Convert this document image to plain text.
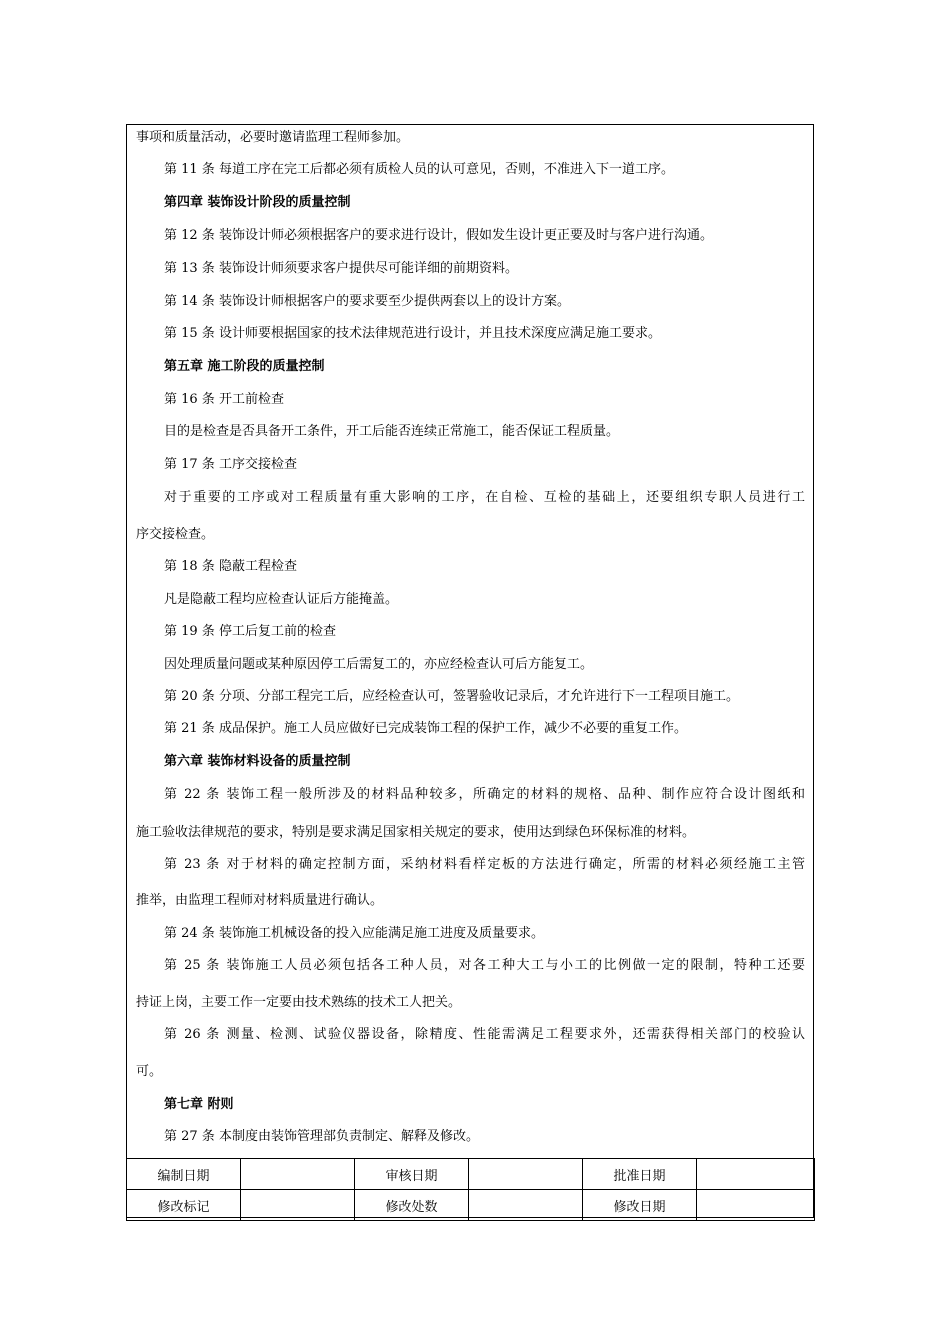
事项和质量活动，必要时邀请监理工程师参加。
第 11 条 每道工序在完工后都必须有质检人员的认可意见，否则，不准进入下一道工序。
第四章 装饰设计阶段的质量控制
第 12 条 装饰设计师必须根据客户的要求进行设计，假如发生设计更正要及时与客户进行沟通。
第 13 条 装饰设计师须要求客户提供尽可能详细的前期资料。
第 14 条 装饰设计师根据客户的要求要至少提供两套以上的设计方案。
第 15 条 设计师要根据国家的技术法律规范进行设计，并且技术深度应满足施工要求。
第五章 施工阶段的质量控制
第 16 条 开工前检查
目的是检查是否具备开工条件，开工后能否连续正常施工，能否保证工程质量。
第 17 条 工序交接检查
对于重要的工序或对工程质量有重大影响的工序，在自检、互检的基础上，还要组织专职人员进行工
序交接检查。
第 18 条 隐蔽工程检查
凡是隐蔽工程均应检查认证后方能掩盖。
第 19 条 停工后复工前的检查
因处理质量问题或某种原因停工后需复工的，亦应经检查认可后方能复工。
第 20 条 分项、分部工程完工后，应经检查认可，签署验收记录后，才允许进行下一工程项目施工。
第 21 条 成品保护。施工人员应做好已完成装饰工程的保护工作，减少不必要的重复工作。
第六章 装饰材料设备的质量控制
第 22 条 装饰工程一般所涉及的材料品种较多，所确定的材料的规格、品种、制作应符合设计图纸和
施工验收法律规范的要求，特别是要求满足国家相关规定的要求，使用达到绿色环保标准的材料。
第 23 条 对于材料的确定控制方面，采纳材料看样定板的方法进行确定，所需的材料必须经施工主管
推举，由监理工程师对材料质量进行确认。
第 24 条 装饰施工机械设备的投入应能满足施工进度及质量要求。
第 25 条 装饰施工人员必须包括各工种人员，对各工种大工与小工的比例做一定的限制，特种工还要
持证上岗，主要工作一定要由技术熟练的技术工人把关。
第 26 条 测量、检测、试验仪器设备，除精度、性能需满足工程要求外，还需获得相关部门的校验认
可。
第七章 附则
第 27 条 本制度由装饰管理部负责制定、解释及修改。
编制日期		审核日期		批准日期	
修改标记		修改处数		修改日期	
